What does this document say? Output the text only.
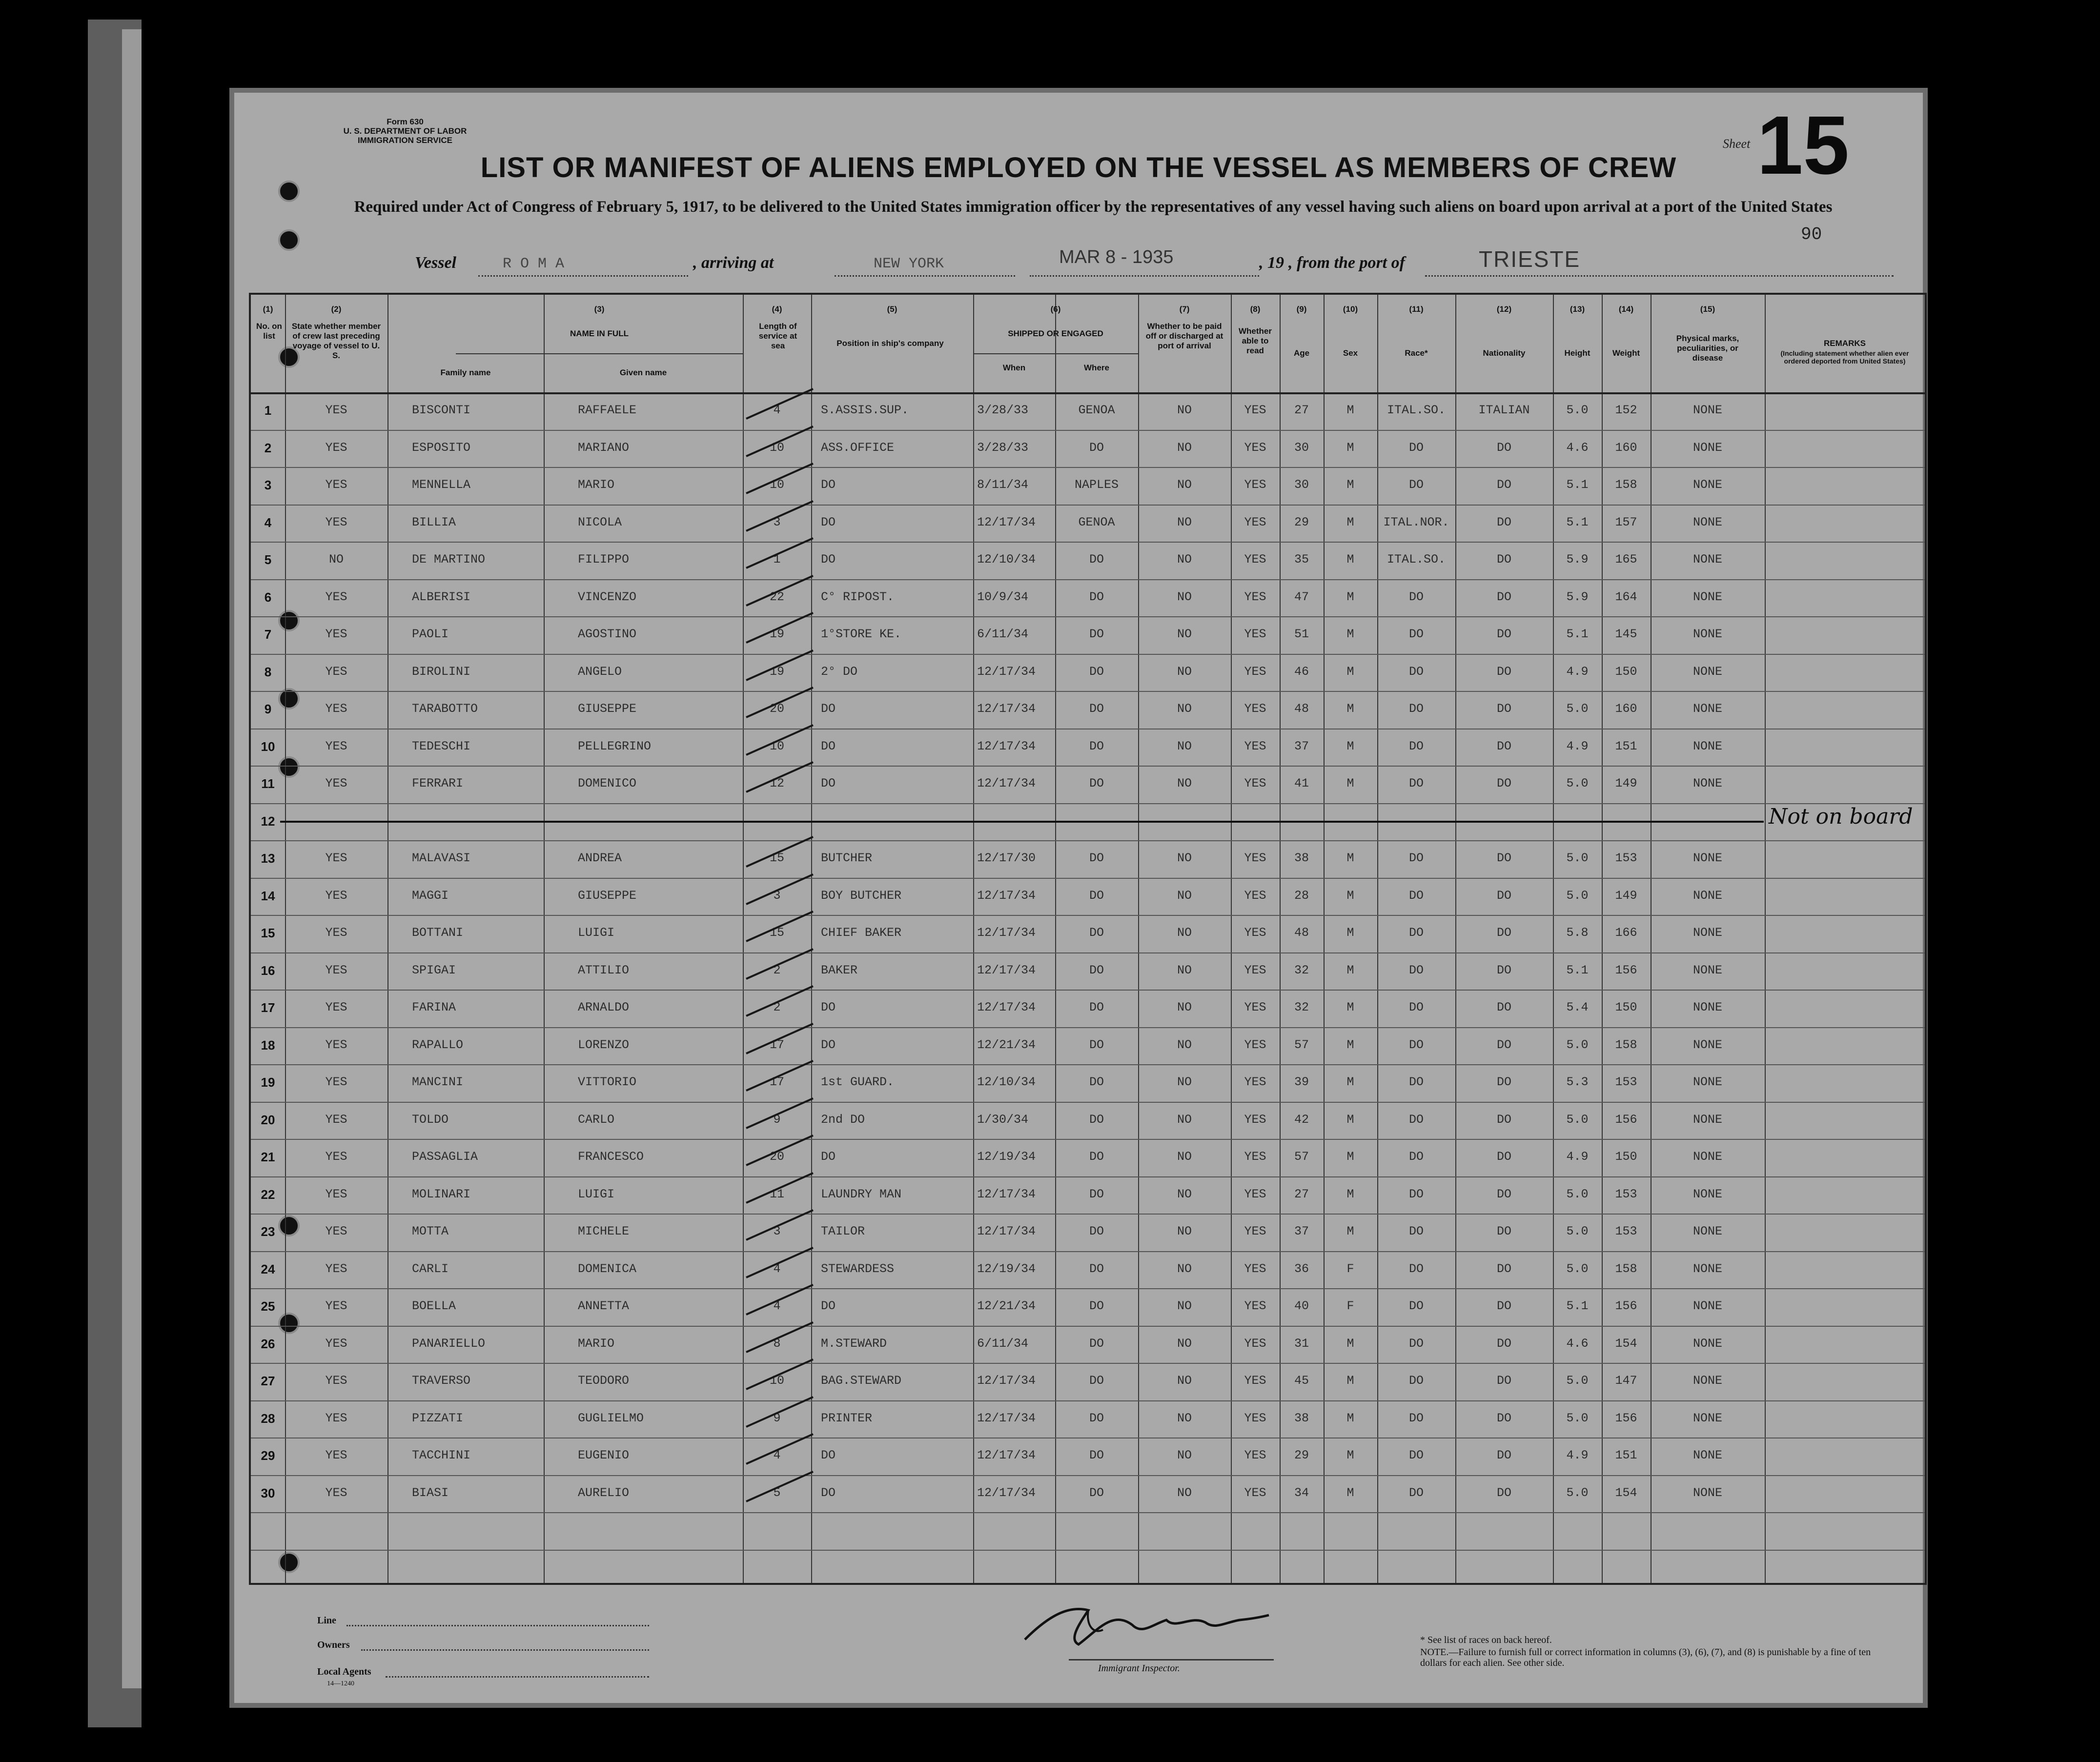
Form 630
U. S. DEPARTMENT OF LABOR
IMMIGRATION SERVICE	Sheet 15
LIST OR MANIFEST OF ALIENS EMPLOYED ON THE VESSEL AS MEMBERS OF CREW
Required under Act of Congress of February 5, 1917, to be delivered to the United States immigration officer by the representatives of any vessel having such aliens on board upon arrival at a port of the United States
Vessel	R O M A	, arriving at	NEW YORK	MAR 8 - 1935	, 19 , from the port of	TRIESTE
90
(1)
No. on list
(2)
State whether member of crew last preceding voyage of vessel to U. S.
(3)
NAME IN FULL
Family name	Given name
(4)
Length of service at sea
(5)
Position in ship's company
(6)
SHIPPED OR ENGAGED
When	Where
(7)
Whether to be paid off or discharged at port of arrival
(8)
Whether able to read
(9)
Age
(10)
Sex
(11)
Race*
(12)
Nationality
(13)
Height
(14)
Weight
(15)
Physical marks, peculiarities, or disease
REMARKS
(Including statement whether alien ever ordered deported from United States)
1	YES	BISCONTI	RAFFAELE	4	S.ASSIS.SUP.	3/28/33	GENOA	NO	YES	27	M	ITAL.SO.	ITALIAN	5.0	152	NONE
2	YES	ESPOSITO	MARIANO	10	ASS.OFFICE	3/28/33	DO	NO	YES	30	M	DO	DO	4.6	160	NONE
3	YES	MENNELLA	MARIO	10	DO	8/11/34	NAPLES	NO	YES	30	M	DO	DO	5.1	158	NONE
4	YES	BILLIA	NICOLA	3	DO	12/17/34	GENOA	NO	YES	29	M	ITAL.NOR.	DO	5.1	157	NONE
5	NO	DE MARTINO	FILIPPO	1	DO	12/10/34	DO	NO	YES	35	M	ITAL.SO.	DO	5.9	165	NONE
6	YES	ALBERISI	VINCENZO	22	C° RIPOST.	10/9/34	DO	NO	YES	47	M	DO	DO	5.9	164	NONE
7	YES	PAOLI	AGOSTINO	19	1°STORE KE.	6/11/34	DO	NO	YES	51	M	DO	DO	5.1	145	NONE
8	YES	BIROLINI	ANGELO	19	2° DO	12/17/34	DO	NO	YES	46	M	DO	DO	4.9	150	NONE
9	YES	TARABOTTO	GIUSEPPE	20	DO	12/17/34	DO	NO	YES	48	M	DO	DO	5.0	160	NONE
10	YES	TEDESCHI	PELLEGRINO	10	DO	12/17/34	DO	NO	YES	37	M	DO	DO	4.9	151	NONE
11	YES	FERRARI	DOMENICO	12	DO	12/17/34	DO	NO	YES	41	M	DO	DO	5.0	149	NONE
12	Not on board
13	YES	MALAVASI	ANDREA	15	BUTCHER	12/17/30	DO	NO	YES	38	M	DO	DO	5.0	153	NONE
14	YES	MAGGI	GIUSEPPE	3	BOY BUTCHER	12/17/34	DO	NO	YES	28	M	DO	DO	5.0	149	NONE
15	YES	BOTTANI	LUIGI	15	CHIEF BAKER	12/17/34	DO	NO	YES	48	M	DO	DO	5.8	166	NONE
16	YES	SPIGAI	ATTILIO	2	BAKER	12/17/34	DO	NO	YES	32	M	DO	DO	5.1	156	NONE
17	YES	FARINA	ARNALDO	2	DO	12/17/34	DO	NO	YES	32	M	DO	DO	5.4	150	NONE
18	YES	RAPALLO	LORENZO	17	DO	12/21/34	DO	NO	YES	57	M	DO	DO	5.0	158	NONE
19	YES	MANCINI	VITTORIO	17	1st GUARD.	12/10/34	DO	NO	YES	39	M	DO	DO	5.3	153	NONE
20	YES	TOLDO	CARLO	9	2nd DO	1/30/34	DO	NO	YES	42	M	DO	DO	5.0	156	NONE
21	YES	PASSAGLIA	FRANCESCO	20	DO	12/19/34	DO	NO	YES	57	M	DO	DO	4.9	150	NONE
22	YES	MOLINARI	LUIGI	11	LAUNDRY MAN	12/17/34	DO	NO	YES	27	M	DO	DO	5.0	153	NONE
23	YES	MOTTA	MICHELE	3	TAILOR	12/17/34	DO	NO	YES	37	M	DO	DO	5.0	153	NONE
24	YES	CARLI	DOMENICA	4	STEWARDESS	12/19/34	DO	NO	YES	36	F	DO	DO	5.0	158	NONE
25	YES	BOELLA	ANNETTA	4	DO	12/21/34	DO	NO	YES	40	F	DO	DO	5.1	156	NONE
26	YES	PANARIELLO	MARIO	8	M.STEWARD	6/11/34	DO	NO	YES	31	M	DO	DO	4.6	154	NONE
27	YES	TRAVERSO	TEODORO	10	BAG.STEWARD	12/17/34	DO	NO	YES	45	M	DO	DO	5.0	147	NONE
28	YES	PIZZATI	GUGLIELMO	9	PRINTER	12/17/34	DO	NO	YES	38	M	DO	DO	5.0	156	NONE
29	YES	TACCHINI	EUGENIO	4	DO	12/17/34	DO	NO	YES	29	M	DO	DO	4.9	151	NONE
30	YES	BIASI	AURELIO	5	DO	12/17/34	DO	NO	YES	34	M	DO	DO	5.0	154	NONE
Line
Owners
Local Agents
14—1240
Immigrant Inspector.
* See list of races on back hereof.
NOTE.—Failure to furnish full or correct information in columns (3), (6), (7), and (8) is punishable by a fine of ten dollars for each alien. See other side.
